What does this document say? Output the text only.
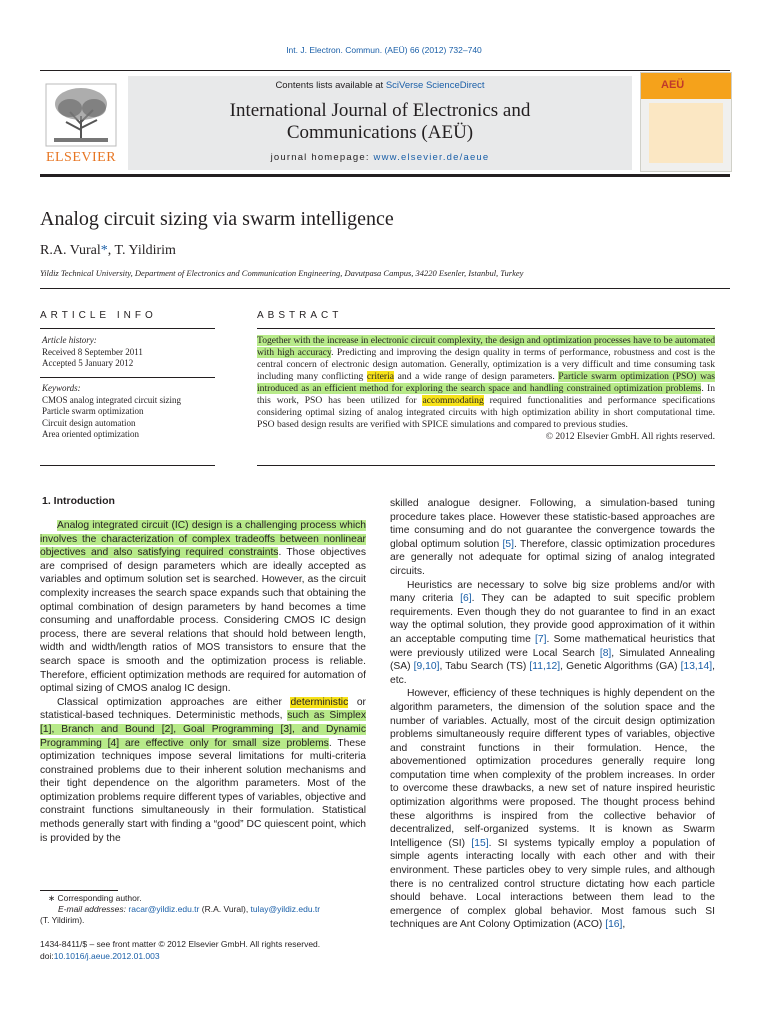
Int. J. Electron. Commun. (AEÜ) 66 (2012) 732–740
ELSEVIER
Contents lists available at SciVerse ScienceDirect
International Journal of Electronics and
Communications (AEÜ)
journal homepage: www.elsevier.de/aeue
AEÜ
Analog circuit sizing via swarm intelligence
R.A. Vural*, T. Yildirim
Yildiz Technical University, Department of Electronics and Communication Engineering, Davutpasa Campus, 34220 Esenler, Istanbul, Turkey
ARTICLE INFO
Article history:
Received 8 September 2011
Accepted 5 January 2012
Keywords:
CMOS analog integrated circuit sizing
Particle swarm optimization
Circuit design automation
Area oriented optimization
ABSTRACT
Together with the increase in electronic circuit complexity, the design and optimization processes have to be automated with high accuracy. Predicting and improving the design quality in terms of performance, robustness and cost is the central concern of electronic design automation. Generally, optimization is a very difficult and time consuming task including many conflicting criteria and a wide range of design parameters. Particle swarm optimization (PSO) was introduced as an efficient method for exploring the search space and handling constrained optimization problems. In this work, PSO has been utilized for accommodating required functionalities and performance specifications considering optimal sizing of analog integrated circuits with high optimization ability in short computational time. PSO based design results are verified with SPICE simulations and compared to previous studies.
© 2012 Elsevier GmbH. All rights reserved.
1. Introduction

Analog integrated circuit (IC) design is a challenging process which involves the characterization of complex tradeoffs between nonlinear objectives and also satisfying required constraints. Those objectives are comprised of design parameters which are ideally accepted as variables and optimum solution set is searched. However, as the circuit complexity increases the search space expands such that obtaining the optimal combination of design parameters by hand becomes a time consuming and unaffordable process. Considering CMOS IC design process, there are several relations that should hold between length, width and width/length ratios of MOS transistors to ensure that the search space is smooth and the optimization process is reliable. Therefore, efficient optimization methods are required for automation of optimal sizing of CMOS analog IC design.

Classical optimization approaches are either deterministic or statistical-based techniques. Deterministic methods, such as Simplex [1], Branch and Bound [2], Goal Programming [3], and Dynamic Programming [4] are effective only for small size problems. These optimization techniques impose several limitations for multi-criteria constrained problems due to their inherent solution mechanisms and their tight dependence on the algorithm parameters. Most of the optimization problems require different types of variables, objective and constraint functions simultaneously in their formulation. Statistical methods generally start with finding a “good” DC quiescent point, which is provided by the

skilled analogue designer. Following, a simulation-based tuning procedure takes place. However these statistic-based approaches are time consuming and do not guarantee the convergence towards the global optimum solution [5]. Therefore, classic optimization procedures are generally not adequate for optimal sizing of analog integrated circuits.

Heuristics are necessary to solve big size problems and/or with many criteria [6]. They can be adapted to suit specific problem requirements. Even though they do not guarantee to find in an exact way the optimal solution, they provide good approximation of it within an acceptable computing time [7]. Some mathematical heuristics that were previously utilized were Local Search [8], Simulated Annealing (SA) [9,10], Tabu Search (TS) [11,12], Genetic Algorithms (GA) [13,14], etc.

However, efficiency of these techniques is highly dependent on the algorithm parameters, the dimension of the solution space and the number of variables. Actually, most of the circuit design optimization problems simultaneously require different types of variables, objective and constraint functions in their formulation. Hence, the abovementioned optimization procedures generally require long computation time when complexity of the problem increases. In order to overcome these drawbacks, a new set of nature inspired heuristic optimization algorithms were proposed. The thought process behind these algorithms is inspired from the collective behavior of decentralized, self-organized systems. It is known as Swarm Intelligence (SI) [15]. SI systems typically employ a population of simple agents interacting locally with each other and with their environment. These particles obey to very simple rules, and although there is no centralized control structure dictating how each particle should behave. Local interactions between them lead to the emergence of complex global behavior. Most famous such SI techniques are Ant Colony Optimization (ACO) [16],

∗ Corresponding author.
E-mail addresses: racar@yildiz.edu.tr (R.A. Vural), tulay@yildiz.edu.tr
(T. Yildirim).
1434-8411/$ – see front matter © 2012 Elsevier GmbH. All rights reserved.
doi:10.1016/j.aeue.2012.01.003
